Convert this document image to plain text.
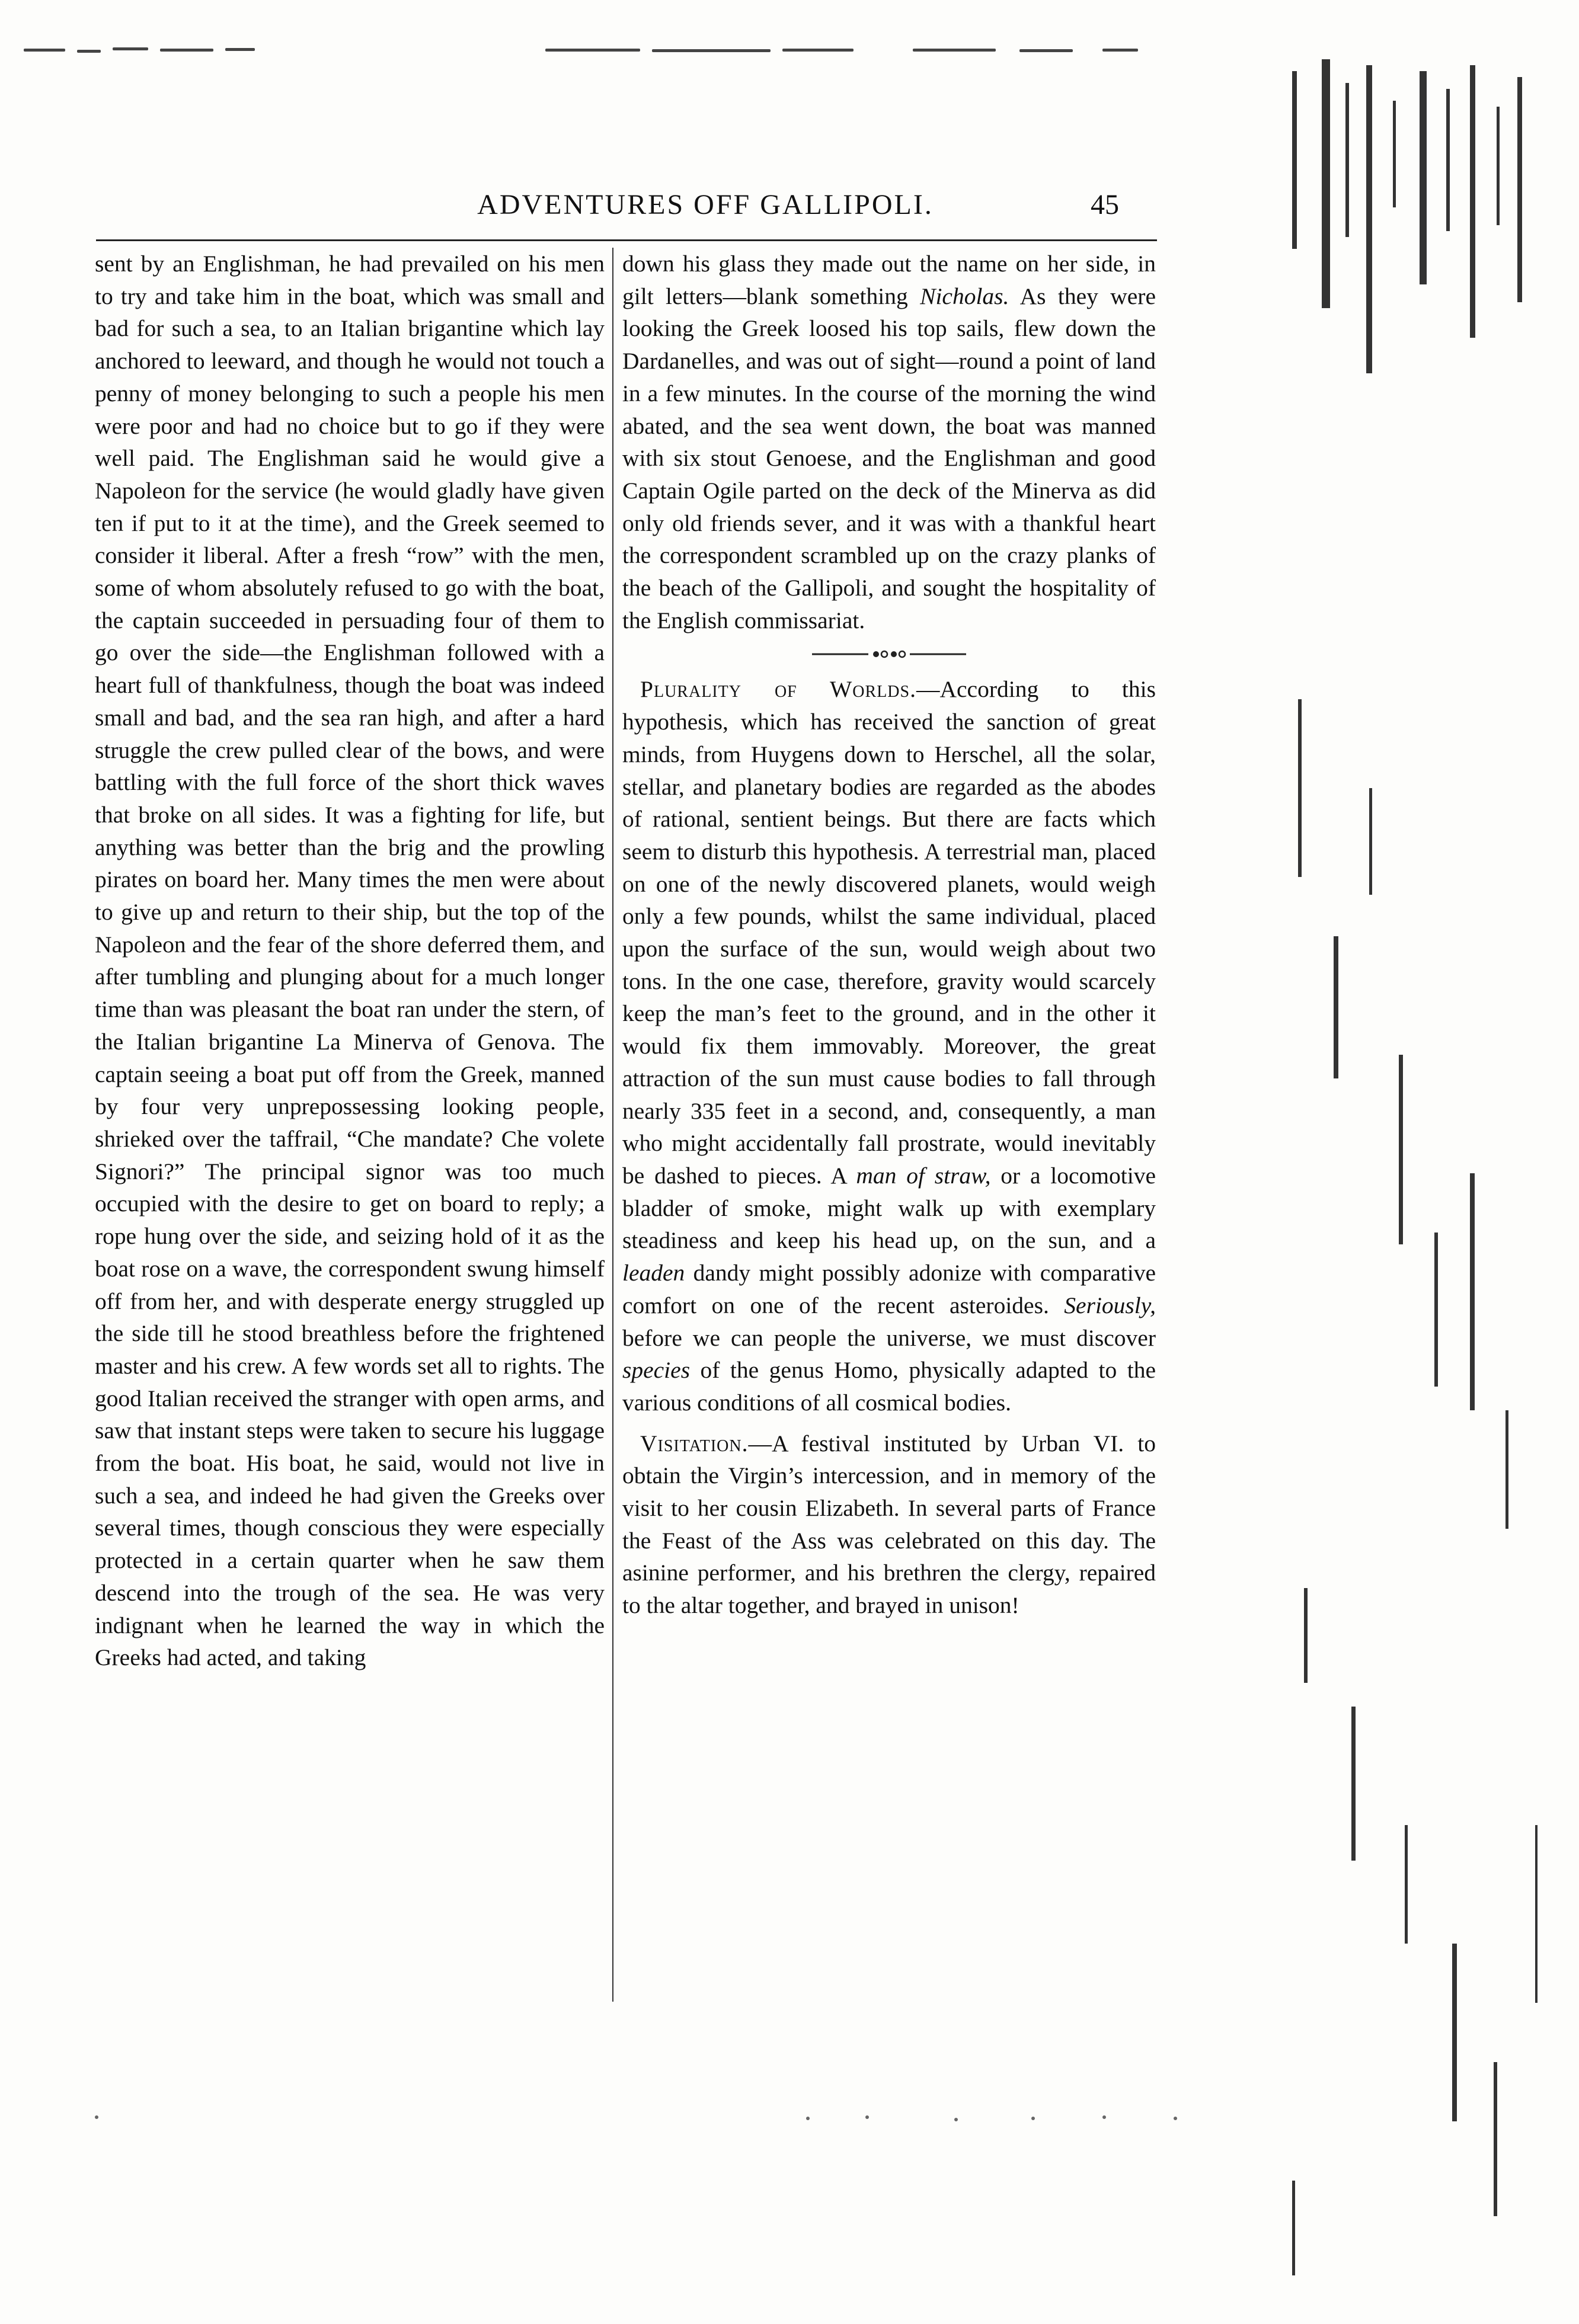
ADVENTURES OFF GALLIPOLI.	45

sent by an Englishman, he had prevailed on his men to try and take him in the boat, which was small and bad for such a sea, to an Italian brigantine which lay anchored to leeward, and though he would not touch a penny of money belonging to such a people his men were poor and had no choice but to go if they were well paid. The Englishman said he would give a Napoleon for the service (he would gladly have given ten if put to it at the time), and the Greek seemed to consider it liberal. After a fresh “row” with the men, some of whom absolutely refused to go with the boat, the captain succeeded in persuading four of them to go over the side—the Englishman followed with a heart full of thankfulness, though the boat was indeed small and bad, and the sea ran high, and after a hard struggle the crew pulled clear of the bows, and were battling with the full force of the short thick waves that broke on all sides. It was a fighting for life, but anything was better than the brig and the prowling pirates on board her. Many times the men were about to give up and return to their ship, but the top of the Napoleon and the fear of the shore deferred them, and after tumbling and plunging about for a much longer time than was pleasant the boat ran under the stern, of the Italian brigantine La Minerva of Genova. The captain seeing a boat put off from the Greek, manned by four very unprepossessing looking people, shrieked over the taffrail, “Che mandate? Che volete Signori?” The principal signor was too much occupied with the desire to get on board to reply; a rope hung over the side, and seizing hold of it as the boat rose on a wave, the correspondent swung himself off from her, and with desperate energy struggled up the side till he stood breathless before the frightened master and his crew. A few words set all to rights. The good Italian received the stranger with open arms, and saw that instant steps were taken to secure his luggage from the boat. His boat, he said, would not live in such a sea, and indeed he had given the Greeks over several times, though conscious they were especially protected in a certain quarter when he saw them descend into the trough of the sea. He was very indignant when he learned the way in which the Greeks had acted, and taking

down his glass they made out the name on her side, in gilt letters—blank something Nicholas. As they were looking the Greek loosed his top sails, flew down the Dardanelles, and was out of sight—round a point of land in a few minutes. In the course of the morning the wind abated, and the sea went down, the boat was manned with six stout Genoese, and the Englishman and good Captain Ogile parted on the deck of the Minerva as did only old friends sever, and it was with a thankful heart the correspondent scrambled up on the crazy planks of the beach of the Gallipoli, and sought the hospitality of the English commissariat.

Plurality of Worlds.—According to this hypothesis, which has received the sanction of great minds, from Huygens down to Herschel, all the solar, stellar, and planetary bodies are regarded as the abodes of rational, sentient beings. But there are facts which seem to disturb this hypothesis. A terrestrial man, placed on one of the newly discovered planets, would weigh only a few pounds, whilst the same individual, placed upon the surface of the sun, would weigh about two tons. In the one case, therefore, gravity would scarcely keep the man’s feet to the ground, and in the other it would fix them immovably. Moreover, the great attraction of the sun must cause bodies to fall through nearly 335 feet in a second, and, consequently, a man who might accidentally fall prostrate, would inevitably be dashed to pieces. A man of straw, or a locomotive bladder of smoke, might walk up with exemplary steadiness and keep his head up, on the sun, and a leaden dandy might possibly adonize with comparative comfort on one of the recent asteroides. Seriously, before we can people the universe, we must discover species of the genus Homo, physically adapted to the various conditions of all cosmical bodies.

Visitation.—A festival instituted by Urban VI. to obtain the Virgin’s intercession, and in memory of the visit to her cousin Elizabeth. In several parts of France the Feast of the Ass was celebrated on this day. The asinine performer, and his brethren the clergy, repaired to the altar together, and brayed in unison!
